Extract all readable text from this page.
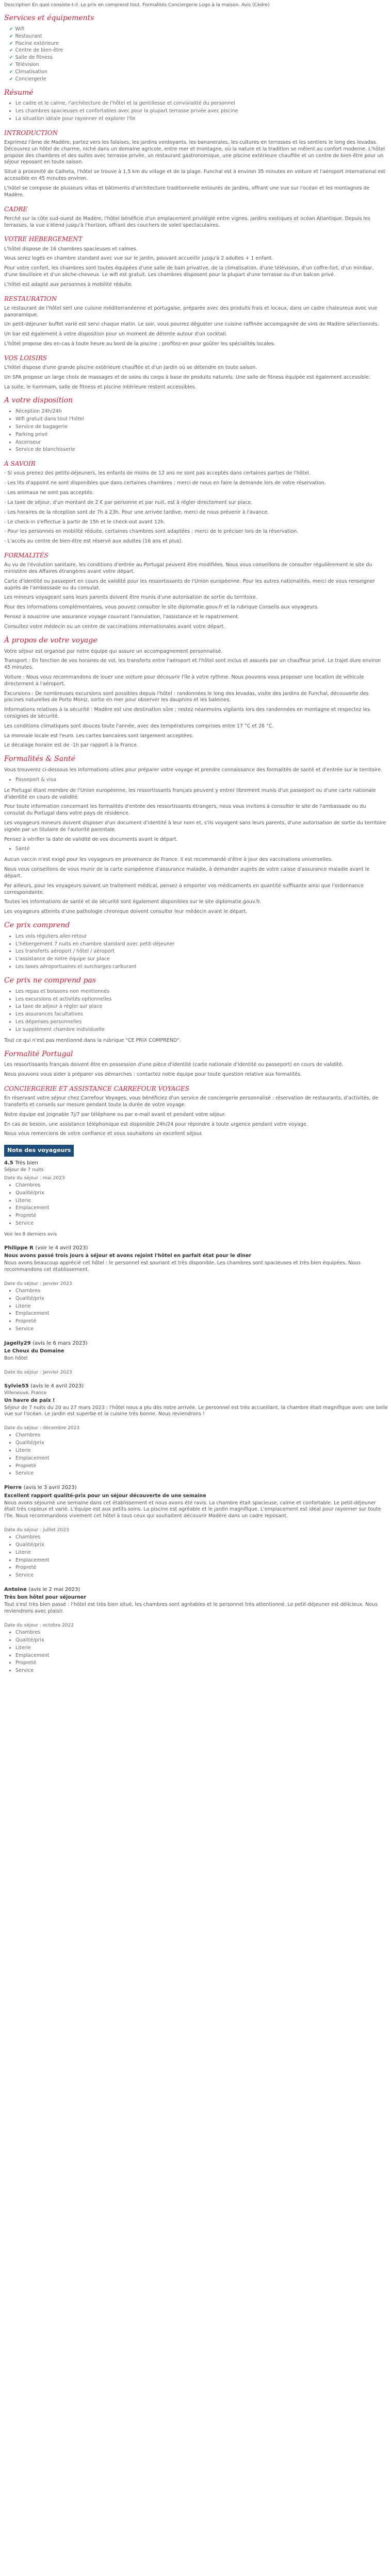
Description En quoi consiste-t-il. Le prix en comprend tout. Formalités Conciergerie Logo à la maison. Avis (Cèdre)

Services et équipements
✔ Wifi
✔ Restaurant
✔ Piscine extérieure
✔ Centre de bien-être
✔ Salle de fitness
✔ Télévision
✔ Climatisation
✔ Conciergerie
Résumé
• Le cadre et le calme, l'architecture de l'hôtel et la gentillesse et convivialité du personnel
• Les chambres spacieuses et confortables avec pour la plupart terrasse privée avec piscine
• La situation idéale pour rayonner et explorer l'île
INTRODUCTION

Exprimez l'âme de Madère, partez vers les falaises, les jardins verdoyants, les bananeraies, les cultures en terrasses et les sentiers le long des levadas. Découvrez un hôtel de charme, niché dans un domaine agricole, entre mer et montagne, où la nature et la tradition se mêlent au confort moderne. L'hôtel propose des chambres et des suites avec terrasse privée, un restaurant gastronomique, une piscine extérieure chauffée et un centre de bien-être pour un séjour reposant en toute saison.

Situé à proximité de Calheta, l'hôtel se trouve à 1,5 km du village et de la plage. Funchal est à environ 35 minutes en voiture et l'aéroport international est accessible en 45 minutes environ.

L'hôtel se compose de plusieurs villas et bâtiments d'architecture traditionnelle entourés de jardins, offrant une vue sur l'océan et les montagnes de Madère.

CADRE

Perché sur la côte sud-ouest de Madère, l'hôtel bénéficie d'un emplacement privilégié entre vignes, jardins exotiques et océan Atlantique. Depuis les terrasses, la vue s'étend jusqu'à l'horizon, offrant des couchers de soleil spectaculaires.

VOTRE HÉBERGEMENT

L'hôtel dispose de 16 chambres spacieuses et calmes.

Vous serez logés en chambre standard avec vue sur le jardin, pouvant accueillir jusqu'à 2 adultes + 1 enfant.

Pour votre confort, les chambres sont toutes équipées d'une salle de bain privative, de la climatisation, d'une télévision, d'un coffre-fort, d'un minibar, d'une bouilloire et d'un sèche-cheveux. Le wifi est gratuit. Les chambres disposent pour la plupart d'une terrasse ou d'un balcon privé.

L'hôtel est adapté aux personnes à mobilité réduite.

RESTAURATION

Le restaurant de l'hôtel sert une cuisine méditerranéenne et portugaise, préparée avec des produits frais et locaux, dans un cadre chaleureux avec vue panoramique.

Un petit-déjeuner buffet varié est servi chaque matin. Le soir, vous pourrez déguster une cuisine raffinée accompagnée de vins de Madère sélectionnés.

Un bar est également à votre disposition pour un moment de détente autour d'un cocktail.

L'hôtel propose des en-cas à toute heure au bord de la piscine ; profitez-en pour goûter les spécialités locales.

VOS LOISIRS

L'hôtel dispose d'une grande piscine extérieure chauffée et d'un jardin où se détendre en toute saison.

Un SPA propose un large choix de massages et de soins du corps à base de produits naturels. Une salle de fitness équipée est également accessible.

La suite, le hammam, salle de fitness et piscine intérieure restent accessibles.

A votre disposition
• Réception 24h/24h
• Wifi gratuit dans tout l'hôtel
• Service de bagagerie
• Parking privé
• Ascenseur
• Service de blanchisserie
À SAVOIR

- Si vous prenez des petits-déjeuners, les enfants de moins de 12 ans ne sont pas acceptés dans certaines parties de l'hôtel.

- Les lits d'appoint ne sont disponibles que dans certaines chambres ; merci de nous en faire la demande lors de votre réservation.

- Les animaux ne sont pas acceptés.

- La taxe de séjour, d'un montant de 2 € par personne et par nuit, est à régler directement sur place.

- Les horaires de la réception sont de 7h à 23h. Pour une arrivée tardive, merci de nous prévenir à l'avance.

- Le check-in s'effectue à partir de 15h et le check-out avant 12h.

- Pour les personnes en mobilité réduite, certaines chambres sont adaptées ; merci de le préciser lors de la réservation.

- L'accès au centre de bien-être est réservé aux adultes (16 ans et plus).

FORMALITÉS

Au vu de l'évolution sanitaire, les conditions d'entrée au Portugal peuvent être modifiées. Nous vous conseillons de consulter régulièrement le site du ministère des Affaires étrangères avant votre départ.

Carte d'identité ou passeport en cours de validité pour les ressortissants de l'Union européenne. Pour les autres nationalités, merci de vous renseigner auprès de l'ambassade ou du consulat.

Les mineurs voyageant sans leurs parents doivent être munis d'une autorisation de sortie du territoire.

Pour des informations complémentaires, vous pouvez consulter le site diplomatie.gouv.fr et la rubrique Conseils aux voyageurs.

Pensez à souscrire une assurance voyage couvrant l'annulation, l'assistance et le rapatriement.

Consultez votre médecin ou un centre de vaccinations internationales avant votre départ.

À propos de votre voyage

Votre séjour est organisé par notre équipe qui assure un accompagnement personnalisé.

Transport : En fonction de vos horaires de vol, les transferts entre l'aéroport et l'hôtel sont inclus et assurés par un chauffeur privé. Le trajet dure environ 45 minutes.

Voiture : Nous vous recommandons de louer une voiture pour découvrir l'île à votre rythme. Nous pouvons vous proposer une location de véhicule directement à l'aéroport.

Excursions : De nombreuses excursions sont possibles depuis l'hôtel : randonnées le long des levadas, visite des jardins de Funchal, découverte des piscines naturelles de Porto Moniz, sortie en mer pour observer les dauphins et les baleines.

Informations relatives à la sécurité : Madère est une destination sûre ; restez néanmoins vigilants lors des randonnées en montagne et respectez les consignes de sécurité.

Les conditions climatiques sont douces toute l'année, avec des températures comprises entre 17 °C et 26 °C.

La monnaie locale est l'euro. Les cartes bancaires sont largement acceptées.

Le décalage horaire est de -1h par rapport à la France.

Formalités & Santé

Vous trouverez ci-dessous les informations utiles pour préparer votre voyage et prendre connaissance des formalités de santé et d'entrée sur le territoire.

• Passeport & visa

Le Portugal étant membre de l'Union européenne, les ressortissants français peuvent y entrer librement munis d'un passeport ou d'une carte nationale d'identité en cours de validité.

Pour toute information concernant les formalités d'entrée des ressortissants étrangers, nous vous invitons à consulter le site de l'ambassade ou du consulat du Portugal dans votre pays de résidence.

Les voyageurs mineurs doivent disposer d'un document d'identité à leur nom et, s'ils voyagent sans leurs parents, d'une autorisation de sortie du territoire signée par un titulaire de l'autorité parentale.

Pensez à vérifier la date de validité de vos documents avant le départ.

• Santé

Aucun vaccin n'est exigé pour les voyageurs en provenance de France. Il est recommandé d'être à jour des vaccinations universelles.

Nous vous conseillons de vous munir de la carte européenne d'assurance maladie, à demander auprès de votre caisse d'assurance maladie avant le départ.

Par ailleurs, pour les voyageurs suivant un traitement médical, pensez à emporter vos médicaments en quantité suffisante ainsi que l'ordonnance correspondante.

Toutes les informations de santé et de sécurité sont également disponibles sur le site diplomatie.gouv.fr.

Les voyageurs atteints d'une pathologie chronique doivent consulter leur médecin avant le départ.

Ce prix comprend
• Les vols réguliers aller-retour
• L'hébergement 7 nuits en chambre standard avec petit-déjeuner
• Les transferts aéroport / hôtel / aéroport
• L'assistance de notre équipe sur place
• Les taxes aéroportuaires et surcharges carburant
Ce prix ne comprend pas
• Les repas et boissons non mentionnés
• Les excursions et activités optionnelles
• La taxe de séjour à régler sur place
• Les assurances facultatives
• Les dépenses personnelles
• Le supplément chambre individuelle

Tout ce qui n'est pas mentionné dans la rubrique "CE PRIX COMPREND".

Formalité Portugal

Les ressortissants français doivent être en possession d'une pièce d'identité (carte nationale d'identité ou passeport) en cours de validité.

Nous pouvons vous aider à préparer vos démarches : contactez notre équipe pour toute question relative aux formalités.

CONCIERGERIE ET ASSISTANCE CARREFOUR VOYAGES

En réservant votre séjour chez Carrefour Voyages, vous bénéficiez d'un service de conciergerie personnalisé : réservation de restaurants, d'activités, de transferts et conseils sur mesure pendant toute la durée de votre voyage.

Notre équipe est joignable 7j/7 par téléphone ou par e-mail avant et pendant votre séjour.

En cas de besoin, une assistance téléphonique est disponible 24h/24 pour répondre à toute urgence pendant votre voyage.

Nous vous remercions de votre confiance et vous souhaitons un excellent séjour.

Note des voyageurs

4.5 Très bien

Séjour de 7 nuits

Date du séjour : mai 2023

• Chambres
• Qualité/prix
• Literie
• Emplacement
• Propreté
• Service

Voir les 8 derniers avis

Philippe R (voir le 4 avril 2023)

Nous avons passé trois jours à séjour et avons rejoint l'hôtel en parfait état pour le dîner

Nous avons beaucoup apprécié cet hôtel : le personnel est souriant et très disponible. Les chambres sont spacieuses et très bien équipées. Nous recommandons cet établissement.

Date du séjour : janvier 2023

• Chambres
• Qualité/prix
• Literie
• Emplacement
• Propreté
• Service

Jagelly29 (avis le 6 mars 2023)

Le Choux du Domaine

Bon hôtel

Date du séjour : janvier 2023

Sylvie55 (avis le 4 avril 2023)

Villeneuve, France

Un havre de paix !

Séjour de 7 nuits du 20 au 27 mars 2023 : l'hôtel nous a plu dès notre arrivée. Le personnel est très accueillant, la chambre était magnifique avec une belle vue sur l'océan. Le jardin est superbe et la cuisine très bonne. Nous reviendrons !

Date du séjour : décembre 2023

• Chambres
• Qualité/prix
• Literie
• Emplacement
• Propreté
• Service

Pierre (avis le 3 avril 2023)

Excellent rapport qualité-prix pour un séjour découverte de une semaine

Nous avons séjourné une semaine dans cet établissement et nous avons été ravis. La chambre était spacieuse, calme et confortable. Le petit-déjeuner était très copieux et varié. L'équipe est aux petits soins. La piscine est agréable et le jardin magnifique. L'emplacement est idéal pour rayonner sur toute l'île. Nous recommandons vivement cet hôtel à tous ceux qui souhaitent découvrir Madère dans un cadre reposant.

Date du séjour : juillet 2023

• Chambres
• Qualité/prix
• Literie
• Emplacement
• Propreté
• Service

Antoine (avis le 2 mai 2023)

Très bon hôtel pour séjourner

Tout s'est très bien passé : l'hôtel est très bien situé, les chambres sont agréables et le personnel très attentionné. Le petit-déjeuner est délicieux. Nous reviendrons avec plaisir.

Date du séjour : octobre 2022

• Chambres
• Qualité/prix
• Literie
• Emplacement
• Propreté
• Service
